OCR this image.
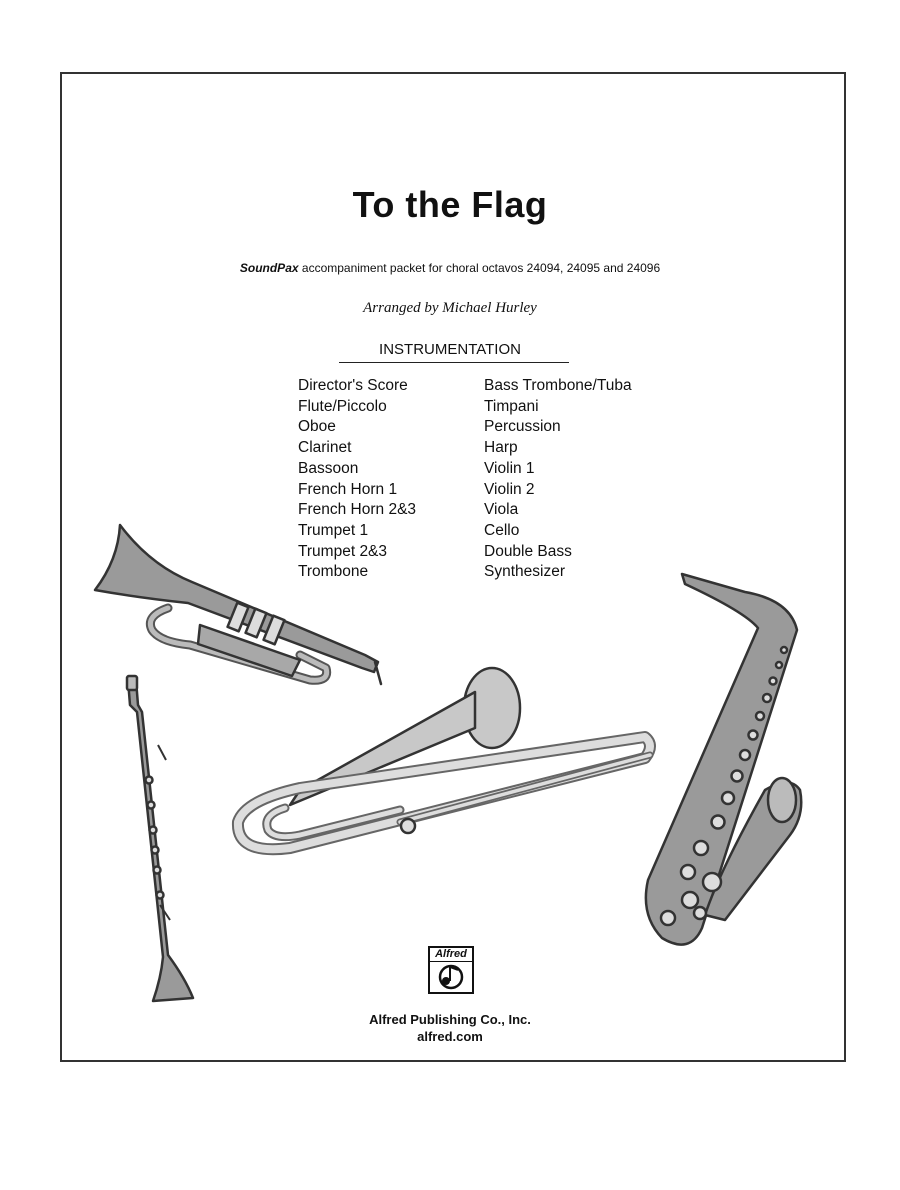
To the Flag
SoundPax accompaniment packet for choral octavos 24094, 24095 and 24096
Arranged by Michael Hurley
INSTRUMENTATION
Director's Score
Flute/Piccolo
Oboe
Clarinet
Bassoon
French Horn 1
French Horn 2&3
Trumpet 1
Trumpet 2&3
Trombone
Bass Trombone/Tuba
Timpani
Percussion
Harp
Violin 1
Violin 2
Viola
Cello
Double Bass
Synthesizer
Alfred
Alfred Publishing Co., Inc.
alfred.com
